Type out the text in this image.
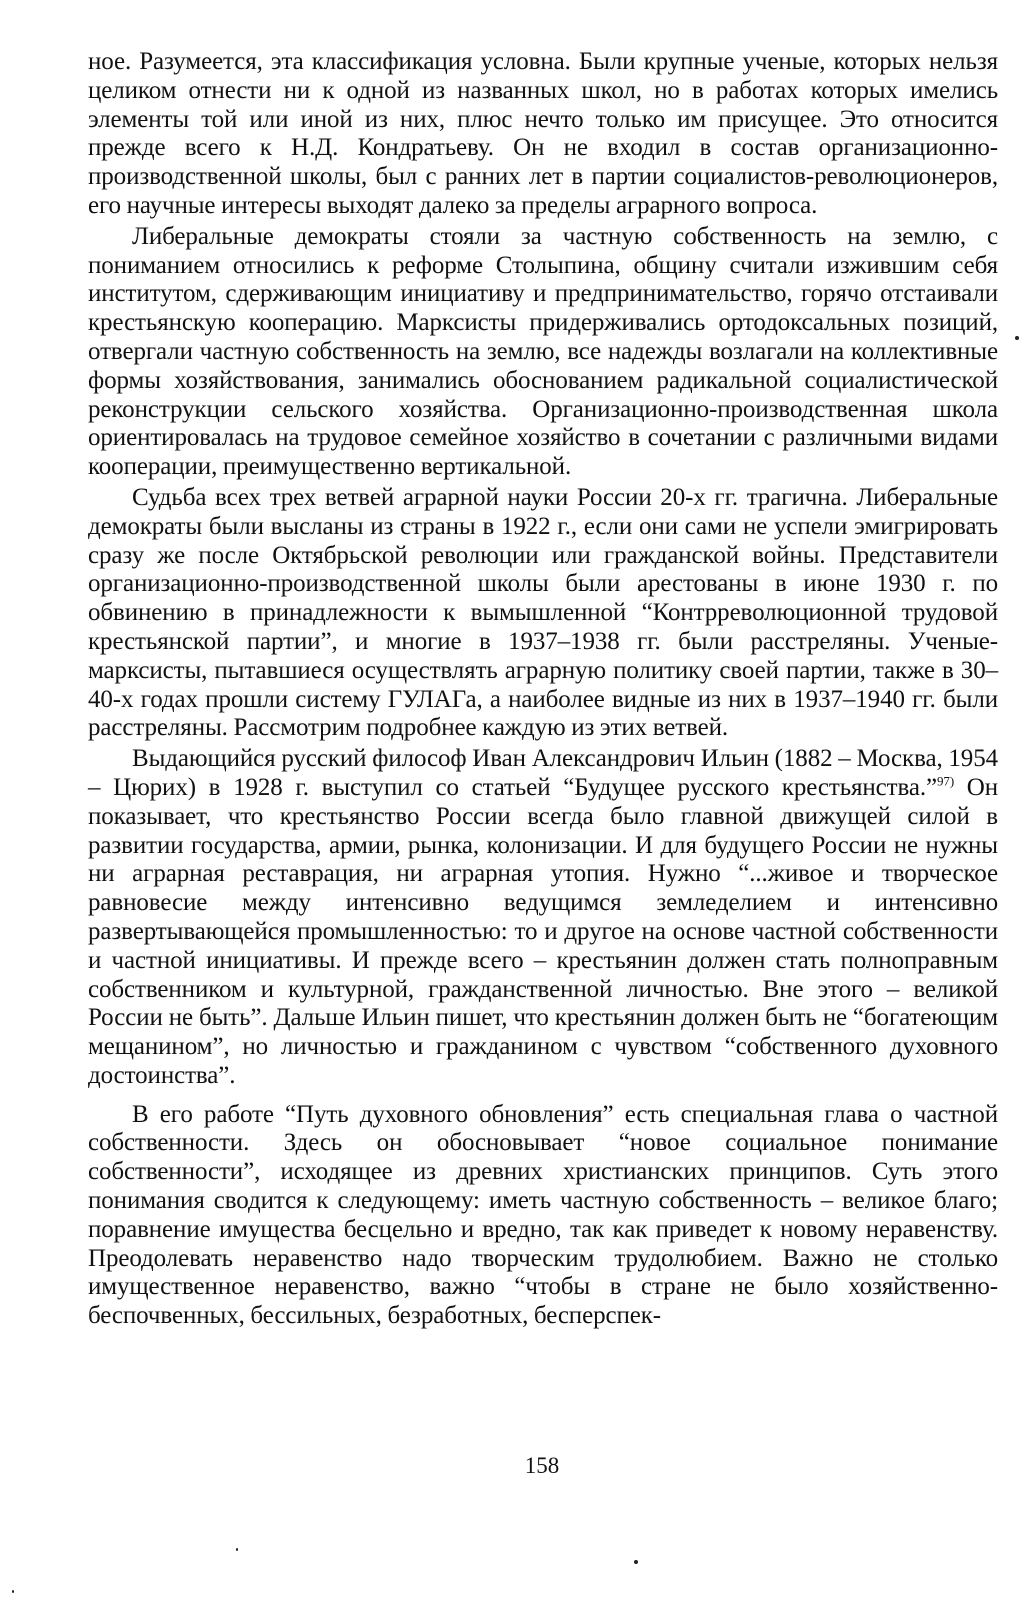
ное. Разумеется, эта классификация условна. Были крупные ученые, которых нельзя целиком отнести ни к одной из названных школ, но в работах которых имелись элементы той или иной из них, плюс нечто только им присущее. Это относится прежде всего к Н.Д. Кондратьеву. Он не входил в состав организационно-производственной школы, был с ранних лет в партии социалистов-революционеров, его научные интересы выходят далеко за пределы аграрного вопроса.

Либеральные демократы стояли за частную собственность на землю, с пониманием относились к реформе Столыпина, общину считали изжившим себя институтом, сдерживающим инициативу и предпринимательство, горячо отстаивали крестьянскую кооперацию. Марксисты придерживались ортодоксальных позиций, отвергали частную собственность на землю, все надежды возлагали на коллективные формы хозяйствования, занимались обоснованием радикальной социалистической реконструкции сельского хозяйства. Организационно-производственная школа ориентировалась на трудовое семейное хозяйство в сочетании с различными видами кооперации, преимущественно вертикальной.

Судьба всех трех ветвей аграрной науки России 20-х гг. трагична. Либеральные демократы были высланы из страны в 1922 г., если они сами не успели эмигрировать сразу же после Октябрьской революции или гражданской войны. Представители организационно-производственной школы были арестованы в июне 1930 г. по обвинению в принадлежности к вымышленной “Контрреволюционной трудовой крестьянской партии”, и многие в 1937–1938 гг. были расстреляны. Ученые-марксисты, пытавшиеся осуществлять аграрную политику своей партии, также в 30–40-х годах прошли систему ГУЛАГа, а наиболее видные из них в 1937–1940 гг. были расстреляны. Рассмотрим подробнее каждую из этих ветвей.

Выдающийся русский философ Иван Александрович Ильин (1882 – Москва, 1954 – Цюрих) в 1928 г. выступил со статьей “Будущее русского крестьянства.”$^{97)}$ Он показывает, что крестьянство России всегда было главной движущей силой в развитии государства, армии, рынка, колонизации. И для будущего России не нужны ни аграрная реставрация, ни аграрная утопия. Нужно “...живое и творческое равновесие между интенсивно ведущимся земледелием и интенсивно развертывающейся промышленностью: то и другое на основе частной собственности и частной инициативы. И прежде всего – крестьянин должен стать полноправным собственником и культурной, гражданственной личностью. Вне этого – великой России не быть”. Дальше Ильин пишет, что крестьянин должен быть не “богатеющим мещанином”, но личностью и гражданином с чувством “собственного духовного достоинства”.

В его работе “Путь духовного обновления” есть специальная глава о частной собственности. Здесь он обосновывает “новое социальное понимание собственности”, исходящее из древних христианских принципов. Суть этого понимания сводится к следующему: иметь частную собственность – великое благо; поравнение имущества бесцельно и вредно, так как приведет к новому неравенству. Преодолевать неравенство надо творческим трудолюбием. Важно не столько имущественное неравенство, важно “чтобы в стране не было хозяйственно-беспочвенных, бессильных, безработных, бесперспек-

158
